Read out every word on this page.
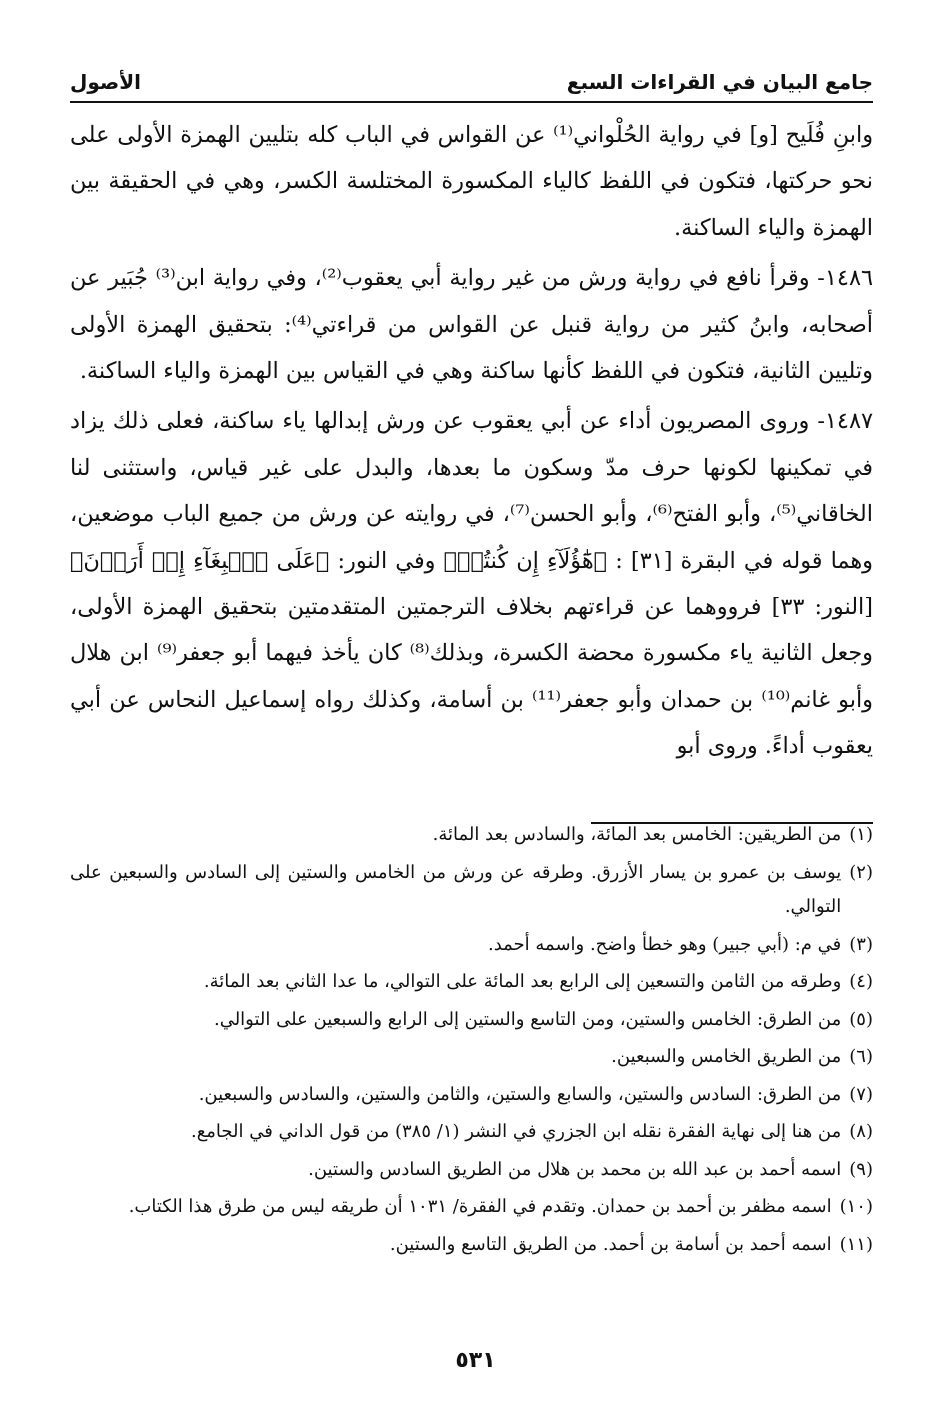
جامع البيان في القراءات السبع
الأصول

وابنِ فُلَيح [و] في رواية الحُلْواني⁽¹⁾ عن القواس في الباب كله بتليين الهمزة الأولى على نحو حركتها، فتكون في اللفظ كالياء المكسورة المختلسة الكسر، وهي في الحقيقة بين الهمزة والياء الساكنة.

١٤٨٦- وقرأ نافع في رواية ورش من غير رواية أبي يعقوب⁽²⁾، وفي رواية ابن⁽³⁾ جُبَير عن أصحابه، وابنُ كثير من رواية قنبل عن القواس من قراءتي⁽⁴⁾: بتحقيق الهمزة الأولى وتليين الثانية، فتكون في اللفظ كأنها ساكنة وهي في القياس بين الهمزة والياء الساكنة.

١٤٨٧- وروى المصريون أداء عن أبي يعقوب عن ورش إبدالها ياء ساكنة، فعلى ذلك يزاد في تمكينها لكونها حرف مدّ وسكون ما بعدها، والبدل على غير قياس، واستثنى لنا الخاقاني⁽⁵⁾، وأبو الفتح⁽⁶⁾، وأبو الحسن⁽⁷⁾، في روايته عن ورش من جميع الباب موضعين، وهما قوله في البقرة [٣١] : ﴿هَٰٓؤُلَآءِ إِن كُنتُمۡ﴾ وفي النور: ﴿عَلَى ٱلۡبِغَآءِ إِنۡ أَرَدۡنَ﴾ [النور: ٣٣] فرووهما عن قراءتهم بخلاف الترجمتين المتقدمتين بتحقيق الهمزة الأولى، وجعل الثانية ياء مكسورة محضة الكسرة، وبذلك⁽⁸⁾ كان يأخذ فيهما أبو جعفر⁽⁹⁾ ابن هلال وأبو غانم⁽¹⁰⁾ بن حمدان وأبو جعفر⁽¹¹⁾ بن أسامة، وكذلك رواه إسماعيل النحاس عن أبي يعقوب أداءً. وروى أبو

(١)
من الطريقين: الخامس بعد المائة، والسادس بعد المائة.
(٢)
يوسف بن عمرو بن يسار الأزرق. وطرقه عن ورش من الخامس والستين إلى السادس والسبعين على التوالي.
(٣)
في م: (أبي جبير) وهو خطأ واضح. واسمه أحمد.
(٤)
وطرقه من الثامن والتسعين إلى الرابع بعد المائة على التوالي، ما عدا الثاني بعد المائة.
(٥)
من الطرق: الخامس والستين، ومن التاسع والستين إلى الرابع والسبعين على التوالي.
(٦)
من الطريق الخامس والسبعين.
(٧)
من الطرق: السادس والستين، والسابع والستين، والثامن والستين، والسادس والسبعين.
(٨)
من هنا إلى نهاية الفقرة نقله ابن الجزري في النشر (١/ ٣٨٥) من قول الداني في الجامع.
(٩)
اسمه أحمد بن عبد الله بن محمد بن هلال من الطريق السادس والستين.
(١٠)
اسمه مظفر بن أحمد بن حمدان. وتقدم في الفقرة/ ١٠٣١ أن طريقه ليس من طرق هذا الكتاب.
(١١)
اسمه أحمد بن أسامة بن أحمد. من الطريق التاسع والستين.
٥٣١
